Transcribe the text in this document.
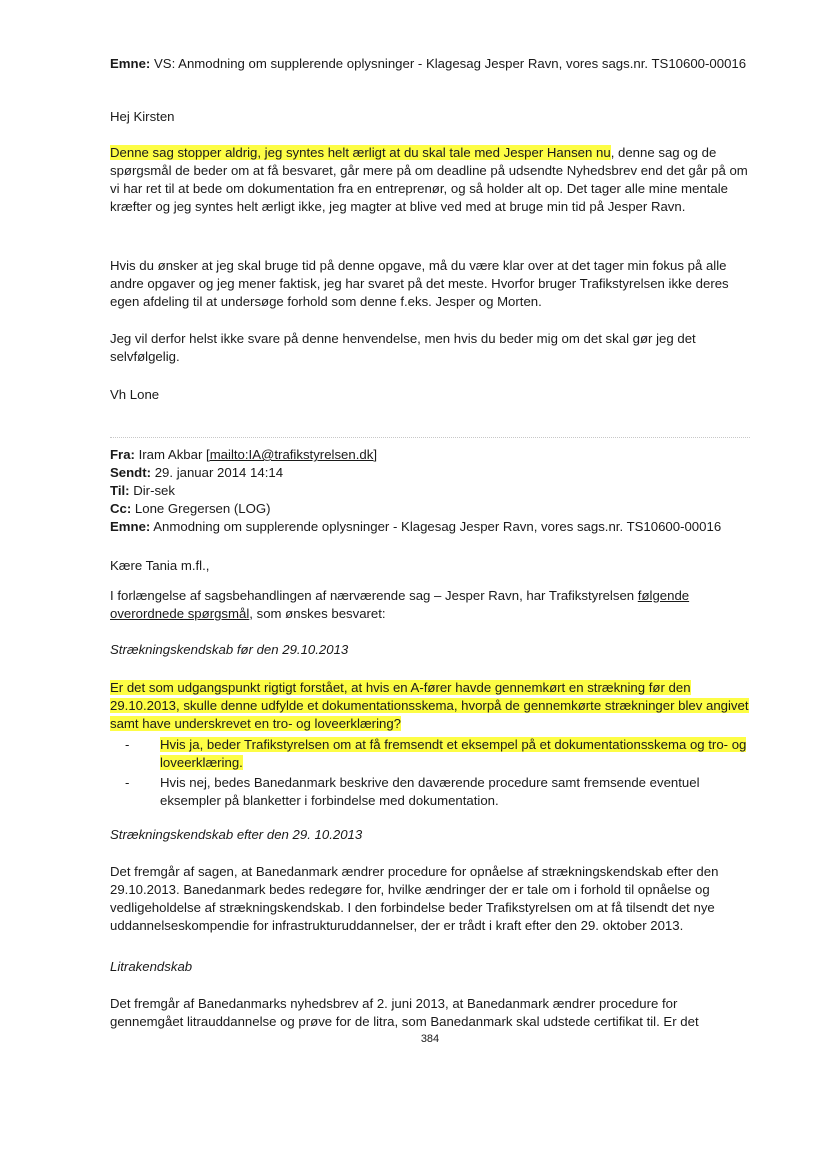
Emne: VS: Anmodning om supplerende oplysninger - Klagesag Jesper Ravn, vores sags.nr. TS10600-00016

Hej Kirsten

Denne sag stopper aldrig, jeg syntes helt ærligt at du skal tale med Jesper Hansen nu, denne sag og de spørgsmål de beder om at få besvaret, går mere på om deadline på udsendte Nyhedsbrev end det går på om vi har ret til at bede om dokumentation fra en entreprenør, og så holder alt op. Det tager alle mine mentale kræfter og jeg syntes helt ærligt ikke, jeg magter at blive ved med at bruge min tid på Jesper Ravn.

Hvis du ønsker at jeg skal bruge tid på denne opgave, må du være klar over at det tager min fokus på alle andre opgaver og jeg mener faktisk, jeg har svaret på det meste. Hvorfor bruger Trafikstyrelsen ikke deres egen afdeling til at undersøge forhold som denne f.eks. Jesper og Morten.

Jeg vil derfor helst ikke svare på denne henvendelse, men hvis du beder mig om det skal gør jeg det selvfølgelig.

Vh Lone

Fra: Iram Akbar [mailto:IA@trafikstyrelsen.dk]
Sendt: 29. januar 2014 14:14
Til: Dir-sek
Cc: Lone Gregersen (LOG)
Emne: Anmodning om supplerende oplysninger - Klagesag Jesper Ravn, vores sags.nr. TS10600-00016

Kære Tania m.fl.,

I forlængelse af sagsbehandlingen af nærværende sag – Jesper Ravn, har Trafikstyrelsen følgende overordnede spørgsmål, som ønskes besvaret:

Strækningskendskab før den 29.10.2013

Er det som udgangspunkt rigtigt forstået, at hvis en A-fører havde gennemkørt en strækning før den 29.10.2013, skulle denne udfylde et dokumentationsskema, hvorpå de gennemkørte strækninger blev angivet samt have underskrevet en tro- og loveerklæring?

- Hvis ja, beder Trafikstyrelsen om at få fremsendt et eksempel på et dokumentationsskema og tro- og loveerklæring.
- Hvis nej, bedes Banedanmark beskrive den daværende procedure samt fremsende eventuel eksempler på blanketter i forbindelse med dokumentation.

Strækningskendskab efter den 29. 10.2013

Det fremgår af sagen, at Banedanmark ændrer procedure for opnåelse af strækningskendskab efter den 29.10.2013. Banedanmark bedes redegøre for, hvilke ændringer der er tale om i forhold til opnåelse og vedligeholdelse af strækningskendskab. I den forbindelse beder Trafikstyrelsen om at få tilsendt det nye uddannelseskompendie for infrastrukturuddannelser, der er trådt i kraft efter den 29. oktober 2013.

Litrakendskab

Det fremgår af Banedanmarks nyhedsbrev af 2. juni 2013, at Banedanmark ændrer procedure for gennemgået litrauddannelse og prøve for de litra, som Banedanmark skal udstede certifikat til. Er det

384
